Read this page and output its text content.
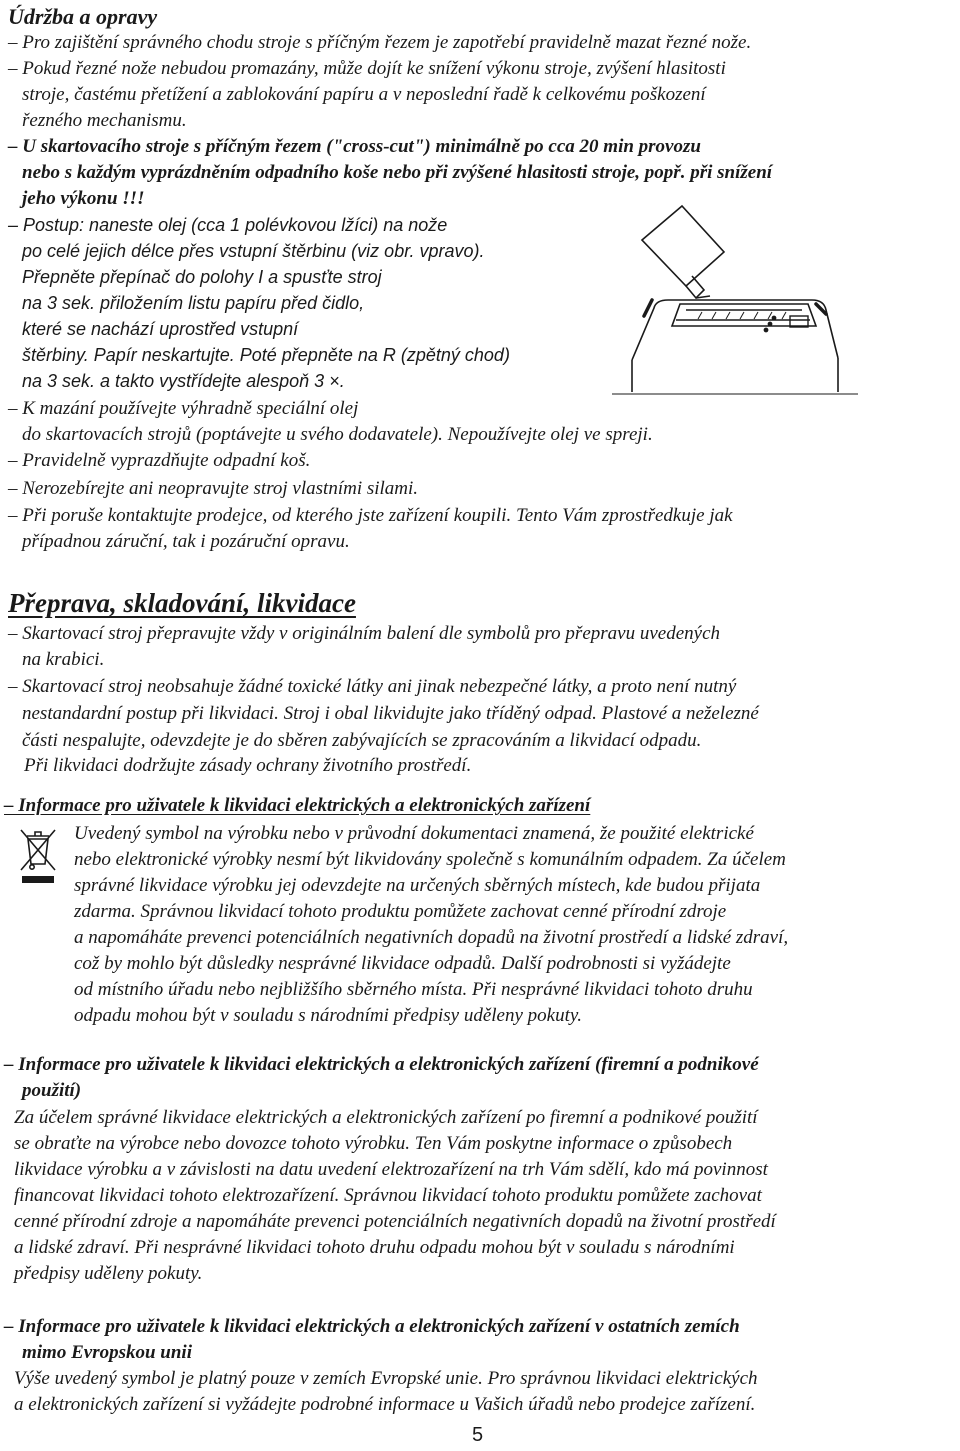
Údržba a opravy
– Pro zajištění správného chodu stroje s příčným řezem je zapotřebí pravidelně mazat řezné nože.
– Pokud řezné nože nebudou promazány, může dojít ke snížení výkonu stroje, zvýšení hlasitosti
stroje, častému přetížení a zablokování papíru a v neposlední řadě k celkovému poškození
řezného mechanismu.
– U skartovacího stroje s příčným řezem ("cross-cut") minimálně po cca 20 min provozu
nebo s každým vyprázdněním odpadního koše nebo při zvýšené hlasitosti stroje, popř. při snížení
jeho výkonu !!!
– Postup: naneste olej (cca 1 polévkovou lžíci) na nože
po celé jejich délce přes vstupní štěrbinu (viz obr. vpravo).
Přepněte přepínač do polohy I a spusťte stroj
na 3 sek. přiložením listu papíru před čidlo,
které se nachází uprostřed vstupní
štěrbiny. Papír neskartujte. Poté přepněte na R (zpětný chod)
na 3 sek. a takto vystřídejte alespoň 3 ×.
– K mazání používejte výhradně speciální olej
do skartovacích strojů (poptávejte u svého dodavatele). Nepoužívejte olej ve spreji.
– Pravidelně vyprazdňujte odpadní koš.
– Nerozebírejte ani neopravujte stroj vlastními silami.
– Při poruše kontaktujte prodejce, od kterého jste zařízení koupili. Tento Vám zprostředkuje jak
případnou záruční, tak i pozáruční opravu.
Přeprava, skladování, likvidace
– Skartovací stroj přepravujte vždy v originálním balení dle symbolů pro přepravu uvedených
na krabici.
– Skartovací stroj neobsahuje žádné toxické látky ani jinak nebezpečné látky, a proto není nutný
nestandardní postup při likvidaci. Stroj i obal likvidujte jako tříděný odpad. Plastové a neželezné
části nespalujte, odevzdejte je do sběren zabývajících se zpracováním a likvidací odpadu.
Při likvidaci dodržujte zásady ochrany životního prostředí.
– Informace pro uživatele k likvidaci elektrických a elektronických zařízení
Uvedený symbol na výrobku nebo v průvodní dokumentaci znamená, že použité elektrické
nebo elektronické výrobky nesmí být likvidovány společně s komunálním odpadem. Za účelem
správné likvidace výrobku jej odevzdejte na určených sběrných místech, kde budou přijata
zdarma. Správnou likvidací tohoto produktu pomůžete zachovat cenné přírodní zdroje
a napomáháte prevenci potenciálních negativních dopadů na životní prostředí a lidské zdraví,
což by mohlo být důsledky nesprávné likvidace odpadů. Další podrobnosti si vyžádejte
od místního úřadu nebo nejbližšího sběrného místa. Při nesprávné likvidaci tohoto druhu
odpadu mohou být v souladu s národními předpisy uděleny pokuty.
– Informace pro uživatele k likvidaci elektrických a elektronických zařízení (firemní a podnikové
použití)
Za účelem správné likvidace elektrických a elektronických zařízení po firemní a podnikové použití
se obraťte na výrobce nebo dovozce tohoto výrobku. Ten Vám poskytne informace o způsobech
likvidace výrobku a v závislosti na datu uvedení elektrozařízení na trh Vám sdělí, kdo má povinnost
financovat likvidaci tohoto elektrozařízení. Správnou likvidací tohoto produktu pomůžete zachovat
cenné přírodní zdroje a napomáháte prevenci potenciálních negativních dopadů na životní prostředí
a lidské zdraví. Při nesprávné likvidaci tohoto druhu odpadu mohou být v souladu s národními
předpisy uděleny pokuty.
– Informace pro uživatele k likvidaci elektrických a elektronických zařízení v ostatních zemích
mimo Evropskou unii
Výše uvedený symbol je platný pouze v zemích Evropské unie. Pro správnou likvidaci elektrických
a elektronických zařízení si vyžádejte podrobné informace u Vašich úřadů nebo prodejce zařízení.
5
